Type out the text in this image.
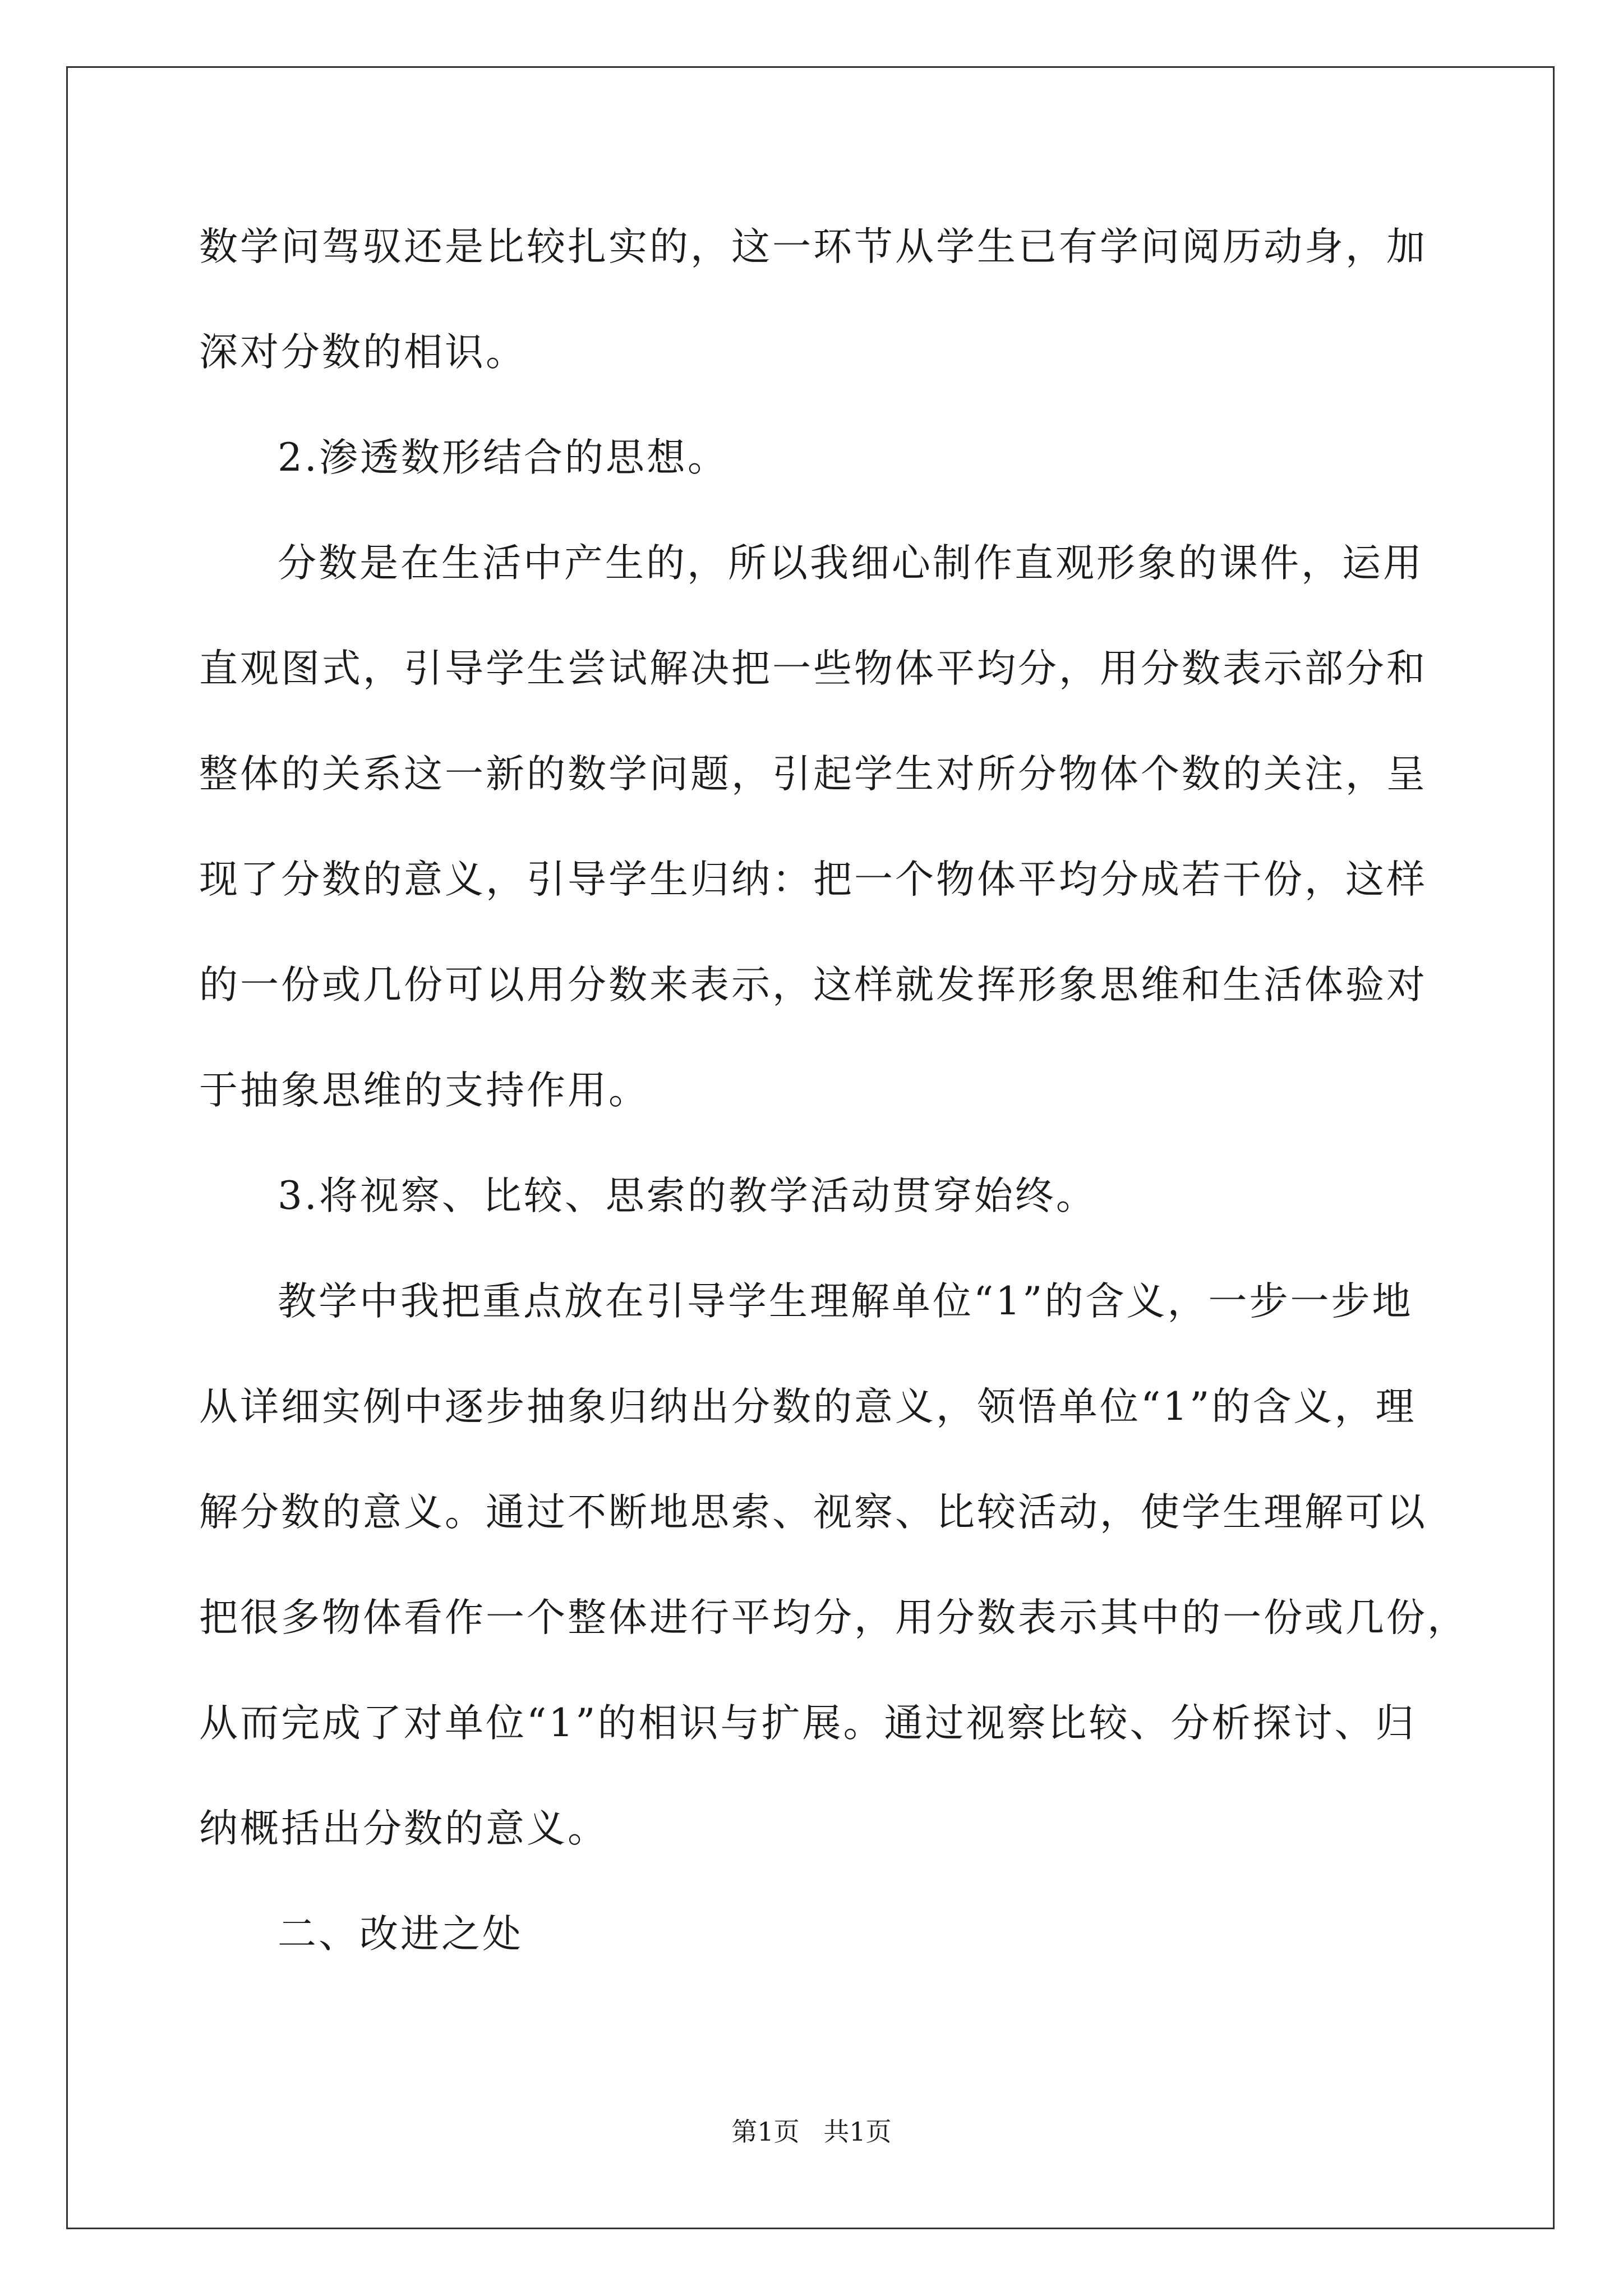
数学问驾驭还是比较扎实的，这一环节从学生已有学问阅历动身，加
深对分数的相识。
2.渗透数形结合的思想。
分数是在生活中产生的，所以我细心制作直观形象的课件，运用
直观图式，引导学生尝试解决把一些物体平均分，用分数表示部分和
整体的关系这一新的数学问题，引起学生对所分物体个数的关注，呈
现了分数的意义，引导学生归纳：把一个物体平均分成若干份，这样
的一份或几份可以用分数来表示，这样就发挥形象思维和生活体验对
于抽象思维的支持作用。
3.将视察、比较、思索的教学活动贯穿始终。
教学中我把重点放在引导学生理解单位“1”的含义，一步一步地
从详细实例中逐步抽象归纳出分数的意义，领悟单位“1”的含义，理
解分数的意义。通过不断地思索、视察、比较活动，使学生理解可以
把很多物体看作一个整体进行平均分，用分数表示其中的一份或几份，
从而完成了对单位“1”的相识与扩展。通过视察比较、分析探讨、归
纳概括出分数的意义。
二、改进之处
第1页 共1页
